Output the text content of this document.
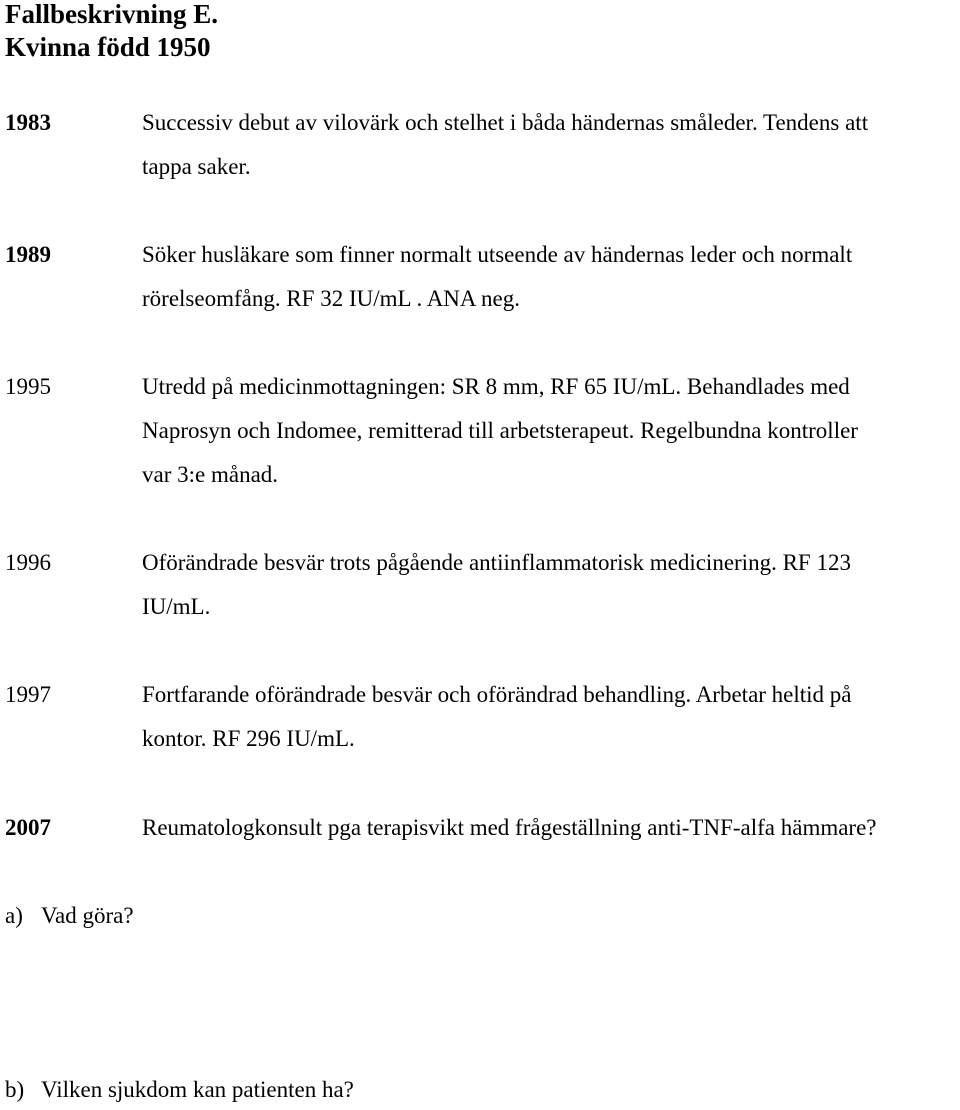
Fallbeskrivning E.
Kvinna född 1950
1983	Successiv debut av vilovärk och stelhet i båda händernas småleder. Tendens att
tappa saker.
1989	Söker husläkare som finner normalt utseende av händernas leder och normalt
rörelseomfång. RF 32 IU/mL . ANA neg.
1995	Utredd på medicinmottagningen: SR 8 mm, RF 65 IU/mL. Behandlades med
Naprosyn och Indomee, remitterad till arbetsterapeut. Regelbundna kontroller
var 3:e månad.
1996	Oförändrade besvär trots pågående antiinflammatorisk medicinering. RF 123
IU/mL.
1997	Fortfarande oförändrade besvär och oförändrad behandling. Arbetar heltid på
kontor. RF 296 IU/mL.
2007	Reumatologkonsult pga terapisvikt med frågeställning anti-TNF-alfa hämmare?
a) Vad göra?
b) Vilken sjukdom kan patienten ha?
